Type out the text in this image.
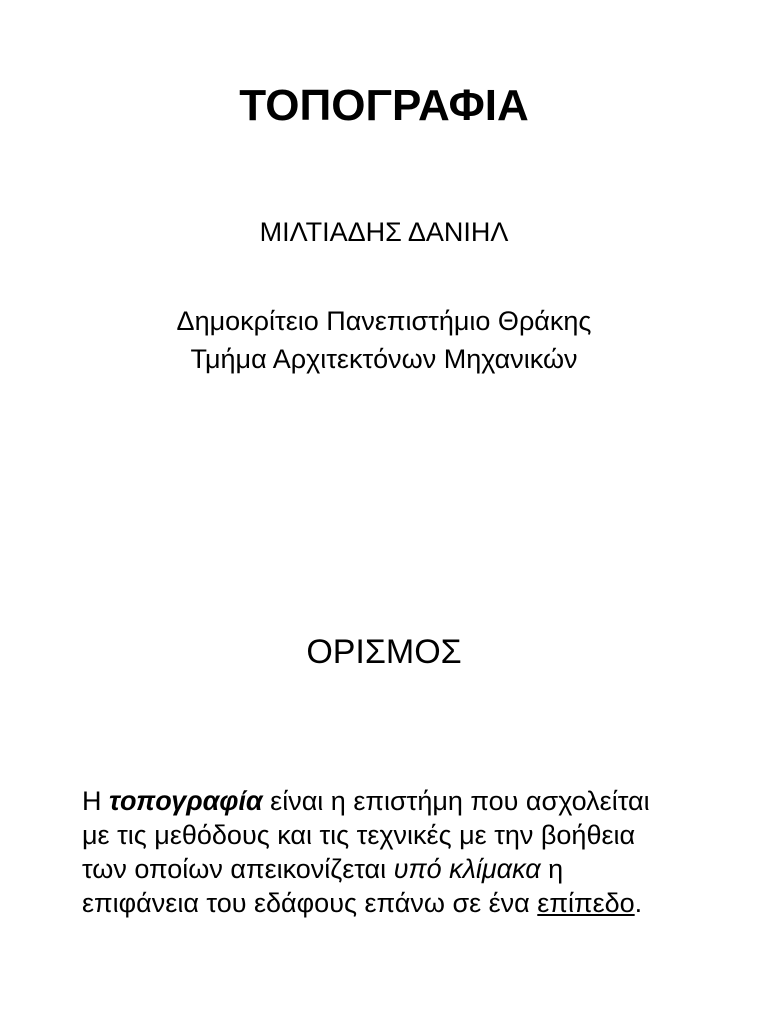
ΤΟΠΟΓΡΑΦΙΑ
ΜΙΛΤΙΑΔΗΣ ΔΑΝΙΗΛ
Δημοκρίτειο Πανεπιστήμιο Θράκης
Τμήμα Αρχιτεκτόνων Μηχανικών
ΟΡΙΣΜΟΣ
Η τοπογραφία είναι η επιστήμη που ασχολείται
με τις μεθόδους και τις τεχνικές με την βοήθεια
των οποίων απεικονίζεται υπό κλίμακα η
επιφάνεια του εδάφους επάνω σε ένα επίπεδο.
